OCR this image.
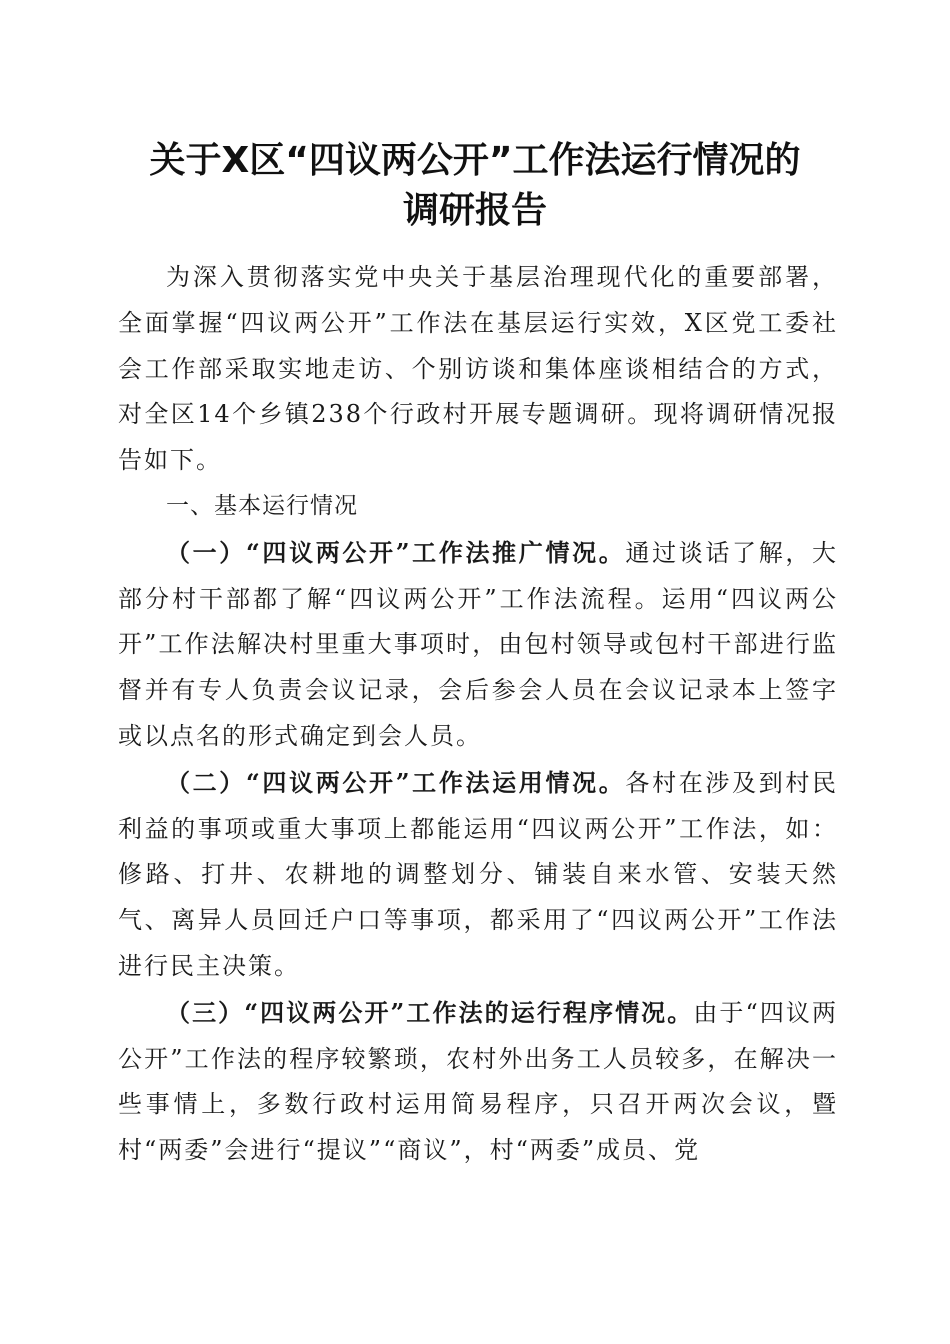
关于X区“四议两公开”工作法运行情况的
调研报告

为深入贯彻落实党中央关于基层治理现代化的重要部署，全面掌握“四议两公开”工作法在基层运行实效，X区党工委社会工作部采取实地走访、个别访谈和集体座谈相结合的方式，对全区14个乡镇238个行政村开展专题调研。现将调研情况报告如下。

一、基本运行情况

（一）“四议两公开”工作法推广情况。通过谈话了解，大部分村干部都了解“四议两公开”工作法流程。运用“四议两公开”工作法解决村里重大事项时，由包村领导或包村干部进行监督并有专人负责会议记录，会后参会人员在会议记录本上签字或以点名的形式确定到会人员。

（二）“四议两公开”工作法运用情况。各村在涉及到村民利益的事项或重大事项上都能运用“四议两公开”工作法，如：修路、打井、农耕地的调整划分、铺装自来水管、安装天然气、离异人员回迁户口等事项，都采用了“四议两公开”工作法进行民主决策。

（三）“四议两公开”工作法的运行程序情况。由于“四议两公开”工作法的程序较繁琐，农村外出务工人员较多，在解决一些事情上，多数行政村运用简易程序，只召开两次会议，暨村“两委”会进行“提议”“商议”，村“两委”成员、党
